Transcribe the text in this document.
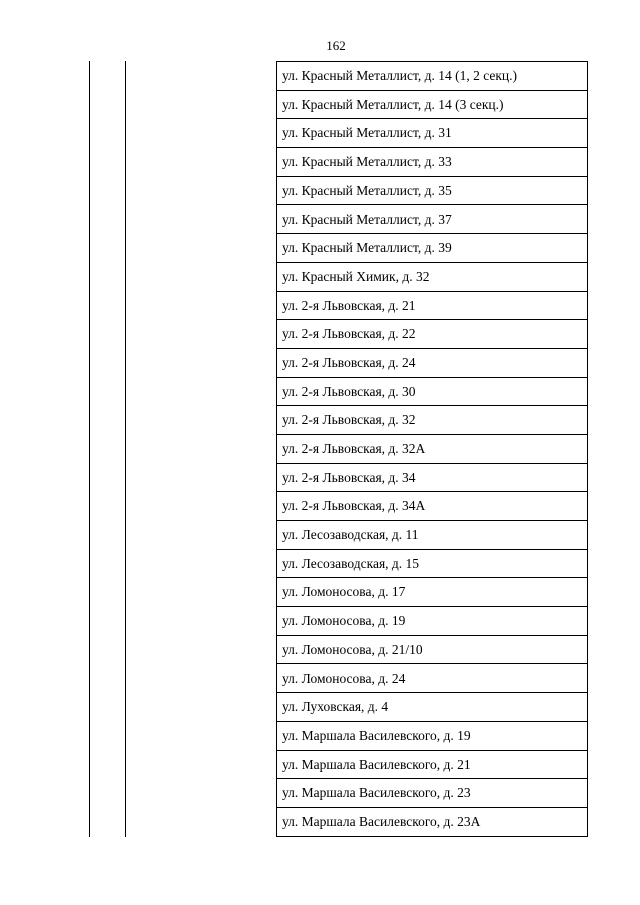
162
ул. Красный Металлист, д. 14 (1, 2 секц.)
ул. Красный Металлист, д. 14 (3 секц.)
ул. Красный Металлист, д. 31
ул. Красный Металлист, д. 33
ул. Красный Металлист, д. 35
ул. Красный Металлист, д. 37
ул. Красный Металлист, д. 39
ул. Красный Химик, д. 32
ул. 2-я Львовская, д. 21
ул. 2-я Львовская, д. 22
ул. 2-я Львовская, д. 24
ул. 2-я Львовская, д. 30
ул. 2-я Львовская, д. 32
ул. 2-я Львовская, д. 32А
ул. 2-я Львовская, д. 34
ул. 2-я Львовская, д. 34А
ул. Лесозаводская, д. 11
ул. Лесозаводская, д. 15
ул. Ломоносова, д. 17
ул. Ломоносова, д. 19
ул. Ломоносова, д. 21/10
ул. Ломоносова, д. 24
ул. Луховская, д. 4
ул. Маршала Василевского, д. 19
ул. Маршала Василевского, д. 21
ул. Маршала Василевского, д. 23
ул. Маршала Василевского, д. 23А
